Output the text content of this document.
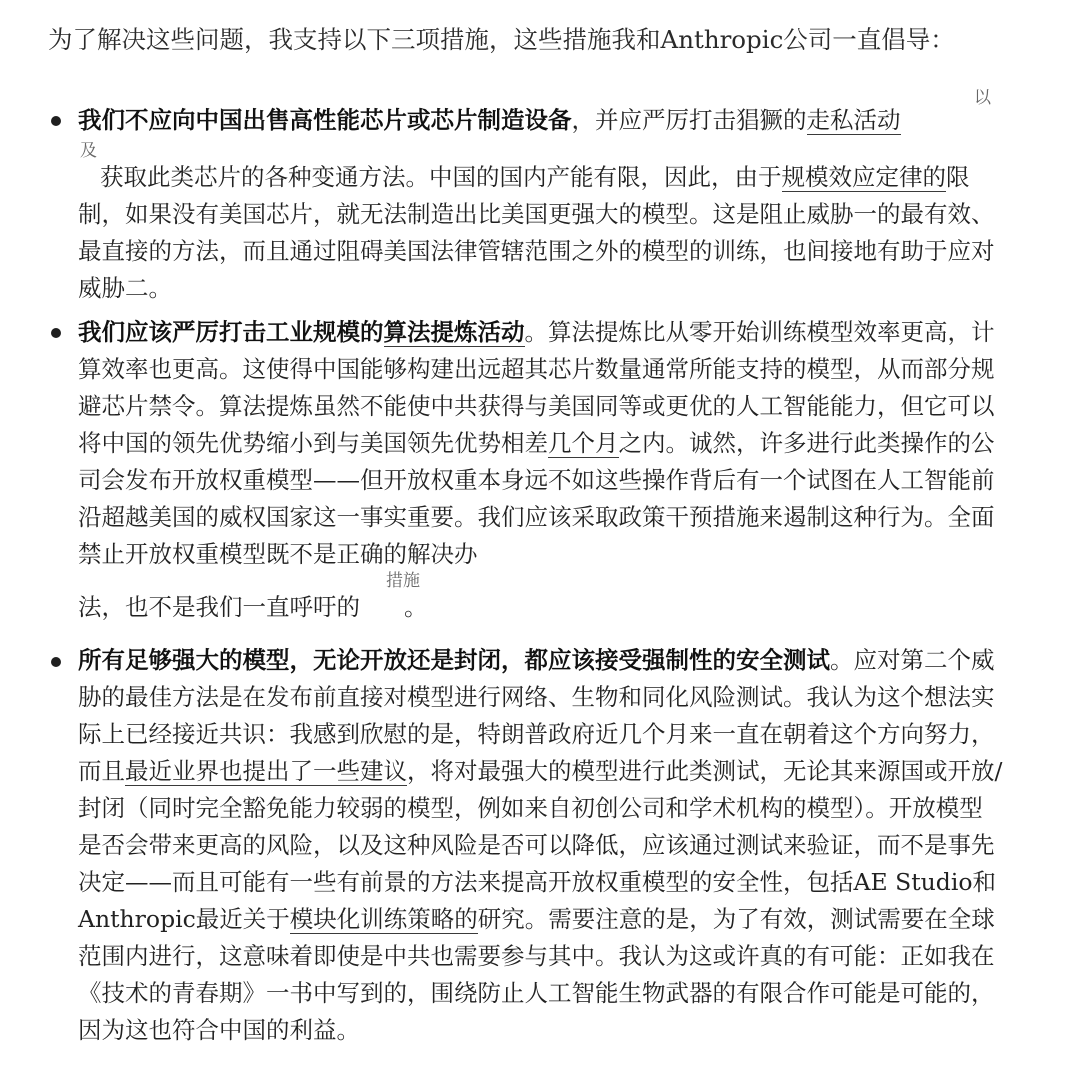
为了解决这些问题，我支持以下三项措施，这些措施我和Anthropic公司一直倡导：
以
及
我们不应向中国出售高性能芯片或芯片制造设备，并应严厉打击猖獗的走私活动
获取此类芯片的各种变通方法。中国的国内产能有限，因此，由于规模效应定律的限制，如果没有美国芯片，就无法制造出比美国更强大的模型。这是阻止威胁一的最有效、最直接的方法，而且通过阻碍美国法律管辖范围之外的模型的训练，也间接地有助于应对威胁二。
我们应该严厉打击工业规模的算法提炼活动。算法提炼比从零开始训练模型效率更高，计算效率也更高。这使得中国能够构建出远超其芯片数量通常所能支持的模型，从而部分规避芯片禁令。算法提炼虽然不能使中共获得与美国同等或更优的人工智能能力，但它可以将中国的领先优势缩小到与美国领先优势相差几个月之内。诚然，许多进行此类操作的公司会发布开放权重模型——但开放权重本身远不如这些操作背后有一个试图在人工智能前沿超越美国的威权国家这一事实重要。我们应该采取政策干预措施来遏制这种行为。全面禁止开放权重模型既不是正确的解决办
措施
法，也不是我们一直呼吁的 。
所有足够强大的模型，无论开放还是封闭，都应该接受强制性的安全测试。应对第二个威胁的最佳方法是在发布前直接对模型进行网络、生物和同化风险测试。我认为这个想法实际上已经接近共识：我感到欣慰的是，特朗普政府近几个月来一直在朝着这个方向努力，而且最近业界也提出了一些建议，将对最强大的模型进行此类测试，无论其来源国或开放/封闭（同时完全豁免能力较弱的模型，例如来自初创公司和学术机构的模型）。开放模型是否会带来更高的风险，以及这种风险是否可以降低，应该通过测试来验证，而不是事先决定——而且可能有一些有前景的方法来提高开放权重模型的安全性，包括AE Studio和Anthropic最近关于模块化训练策略的研究。需要注意的是，为了有效，测试需要在全球范围内进行，这意味着即使是中共也需要参与其中。我认为这或许真的有可能：正如我在《技术的青春期》一书中写到的，围绕防止人工智能生物武器的有限合作可能是可能的，因为这也符合中国的利益。
